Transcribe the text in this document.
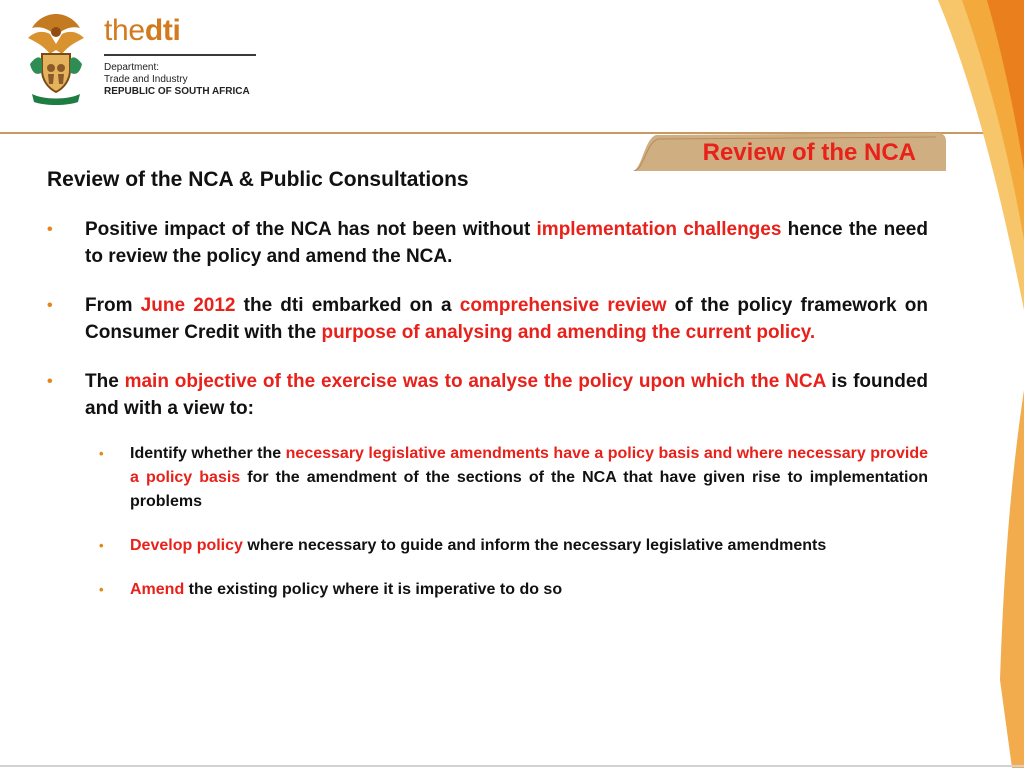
thedti
Department:
Trade and Industry
REPUBLIC OF SOUTH AFRICA
Review of the NCA
Review of the NCA & Public Consultations
• Positive impact of the NCA has not been without implementation challenges hence the need to review the policy and amend the NCA.
• From June 2012 the dti embarked on a comprehensive review of the policy framework on Consumer Credit with the purpose of analysing and amending the current policy.
• The main objective of the exercise was to analyse the policy upon which the NCA is founded and with a view to:
• Identify whether the necessary legislative amendments have a policy basis and where necessary provide a policy basis for the amendment of the sections of the NCA that have given rise to implementation problems
• Develop policy where necessary to guide and inform the necessary legislative amendments
• Amend the existing policy where it is imperative to do so
